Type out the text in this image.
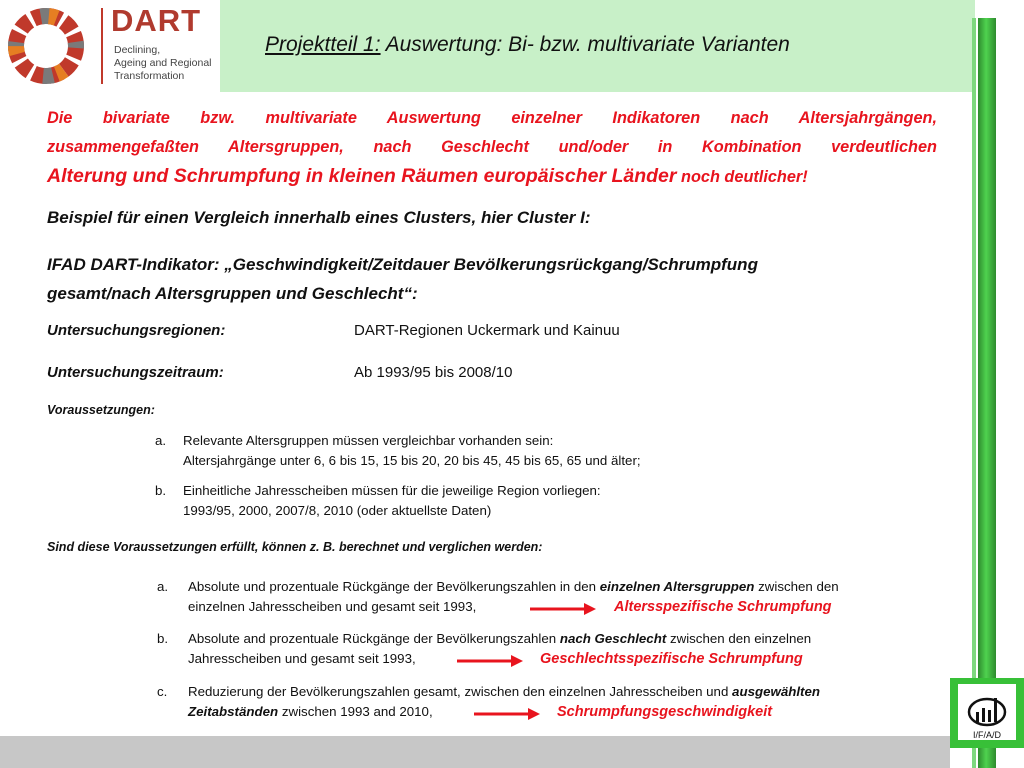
DART
Declining,
Ageing and Regional
Transformation
Projektteil 1: Auswertung: Bi- bzw. multivariate Varianten
Die bivariate bzw. multivariate Auswertung einzelner Indikatoren nach Altersjahrgängen,
zusammengefaßten Altersgruppen, nach Geschlecht und/oder in Kombination verdeutlichen
Alterung und Schrumpfung in kleinen Räumen europäischer Länder noch deutlicher!
Beispiel für einen Vergleich innerhalb eines Clusters, hier Cluster I:
IFAD DART-Indikator: „Geschwindigkeit/Zeitdauer Bevölkerungsrückgang/Schrumpfung
gesamt/nach Altersgruppen und Geschlecht“:
Untersuchungsregionen:	DART-Regionen Uckermark und Kainuu
Untersuchungszeitraum:	Ab 1993/95 bis 2008/10
Voraussetzungen:
a. Relevante Altersgruppen müssen vergleichbar vorhanden sein:
Altersjahrgänge unter 6, 6 bis 15, 15 bis 20, 20 bis 45, 45 bis 65, 65 und älter;
b. Einheitliche Jahresscheiben müssen für die jeweilige Region vorliegen:
1993/95, 2000, 2007/8, 2010 (oder aktuellste Daten)
Sind diese Voraussetzungen erfüllt, können z. B. berechnet und verglichen werden:
a. Absolute und prozentuale Rückgänge der Bevölkerungszahlen in den einzelnen Altersgruppen zwischen den
einzelnen Jahresscheiben und gesamt seit 1993,	Altersspezifische Schrumpfung
b. Absolute and prozentuale Rückgänge der Bevölkerungszahlen nach Geschlecht zwischen den einzelnen
Jahresscheiben und gesamt seit 1993,	Geschlechtsspezifische Schrumpfung
c. Reduzierung der Bevölkerungszahlen gesamt, zwischen den einzelnen Jahresscheiben und ausgewählten
Zeitabständen zwischen 1993 and 2010,	Schrumpfungsgeschwindigkeit
I/F/A/D
